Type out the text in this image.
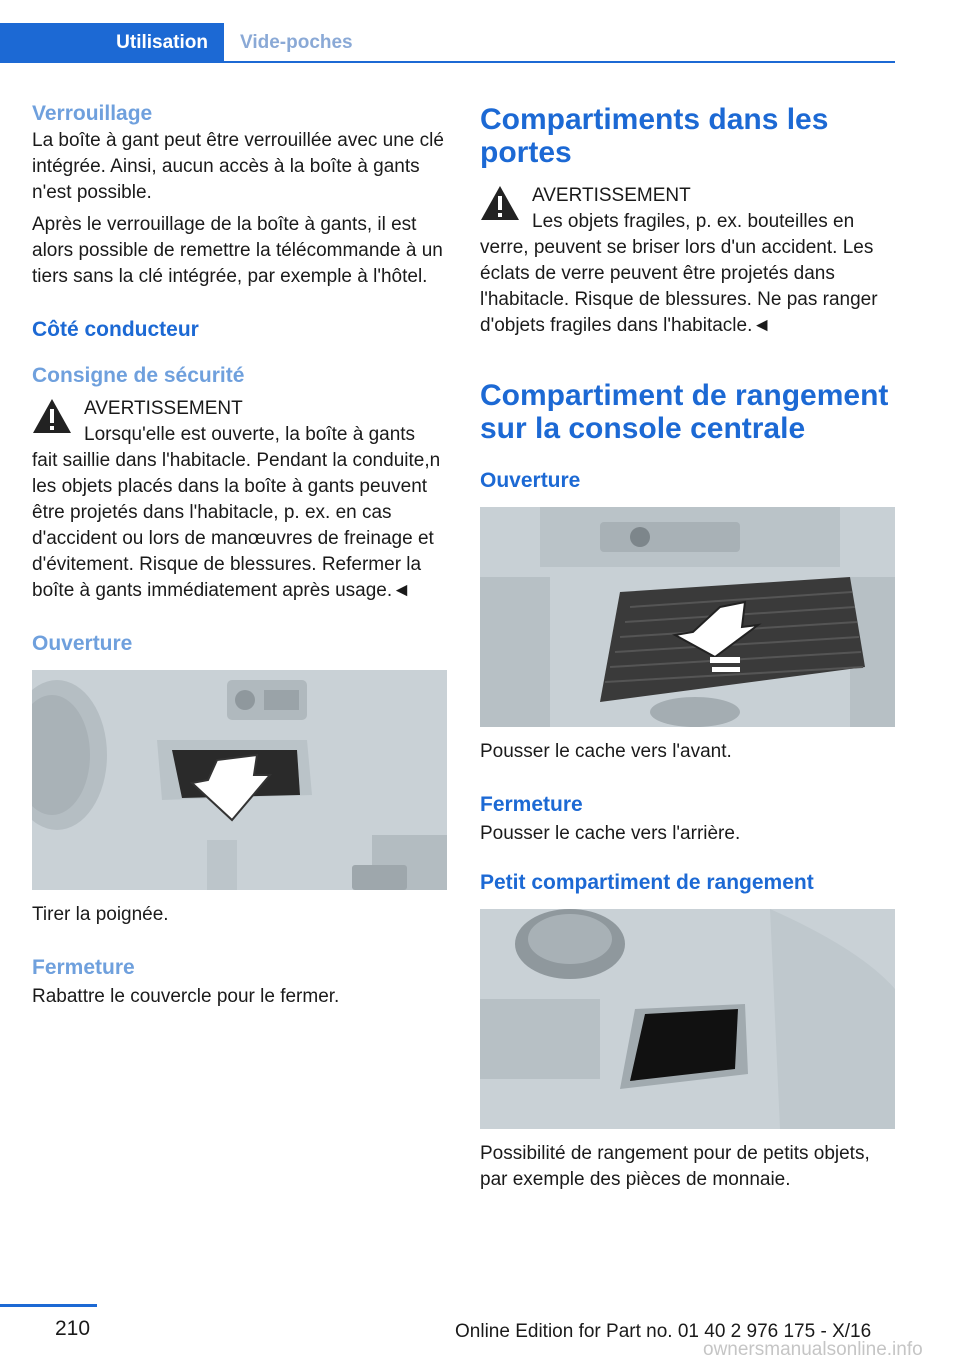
Utilisation	Vide-poches
Verrouillage

La boîte à gant peut être verrouillée avec une clé intégrée. Ainsi, aucun accès à la boîte à gants n'est possible.

Après le verrouillage de la boîte à gants, il est alors possible de remettre la télécommande à un tiers sans la clé intégrée, par exemple à l'hôtel.

Côté conducteur
Consigne de sécurité
AVERTISSEMENT
Lorsqu'elle est ouverte, la boîte à gants
fait saillie dans l'habitacle. Pendant la conduite,n les objets placés dans la boîte à gants peuvent être projetés dans l'habitacle, p. ex. en cas d'accident ou lors de manœuvres de freinage et d'évitement. Risque de blessures. Refermer la boîte à gants immédiatement après usage.◄
Ouverture

Tirer la poignée.

Fermeture

Rabattre le couvercle pour le fermer.

Compartiments dans les portes
AVERTISSEMENT
Les objets fragiles, p. ex. bouteilles en
verre, peuvent se briser lors d'un accident. Les éclats de verre peuvent être projetés dans l'habitacle. Risque de blessures. Ne pas ranger d'objets fragiles dans l'habitacle.◄
Compartiment de rangement sur la console centrale
Ouverture

Pousser le cache vers l'avant.

Fermeture

Pousser le cache vers l'arrière.

Petit compartiment de rangement

Possibilité de rangement pour de petits objets, par exemple des pièces de monnaie.

210	Online Edition for Part no. 01 40 2 976 175 - X/16
ownersmanualsonline.info
